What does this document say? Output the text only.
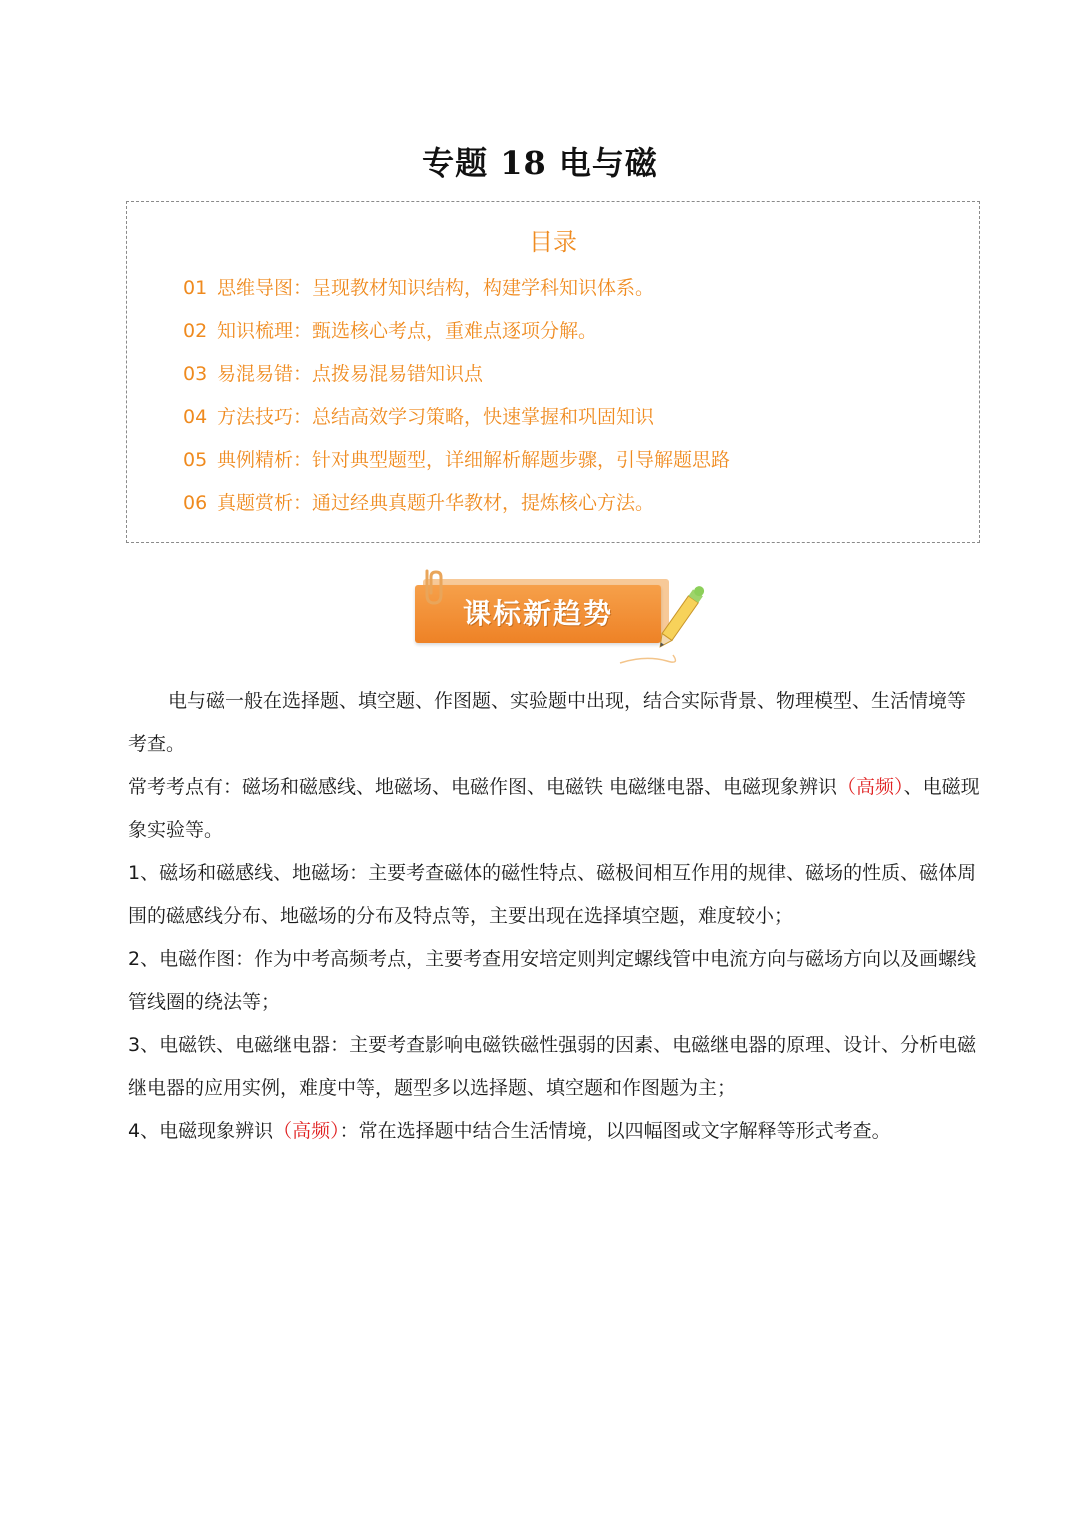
专题 18 电与磁
目录
01 思维导图：呈现教材知识结构，构建学科知识体系。
02 知识梳理：甄选核心考点，重难点逐项分解。
03 易混易错：点拨易混易错知识点
04 方法技巧：总结高效学习策略，快速掌握和巩固知识
05 典例精析：针对典型题型，详细解析解题步骤，引导解题思路
06 真题赏析：通过经典真题升华教材，提炼核心方法。
课标新趋势

电与磁一般在选择题、填空题、作图题、实验题中出现，结合实际背景、物理模型、生活情境等考查。

常考考点有：磁场和磁感线、地磁场、电磁作图、电磁铁 电磁继电器、电磁现象辨识（高频）、电磁现象实验等。

1、磁场和磁感线、地磁场：主要考查磁体的磁性特点、磁极间相互作用的规律、磁场的性质、磁体周围的磁感线分布、地磁场的分布及特点等，主要出现在选择填空题，难度较小；

2、电磁作图：作为中考高频考点，主要考查用安培定则判定螺线管中电流方向与磁场方向以及画螺线管线圈的绕法等；

3、电磁铁、电磁继电器：主要考查影响电磁铁磁性强弱的因素、电磁继电器的原理、设计、分析电磁继电器的应用实例，难度中等，题型多以选择题、填空题和作图题为主；

4、电磁现象辨识（高频）：常在选择题中结合生活情境，以四幅图或文字解释等形式考查。
